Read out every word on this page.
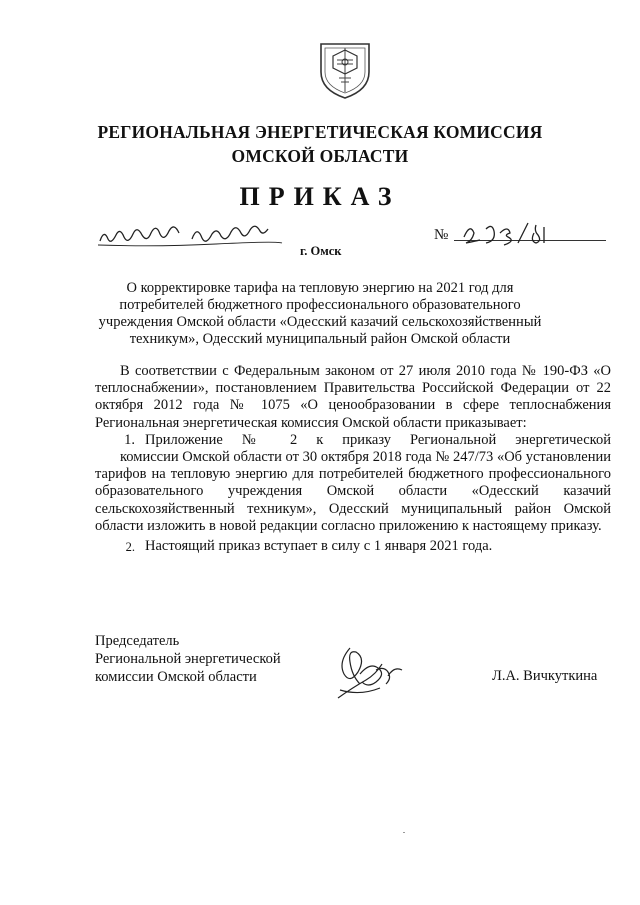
РЕГИОНАЛЬНАЯ ЭНЕРГЕТИЧЕСКАЯ КОМИССИЯ
ОМСКОЙ ОБЛАСТИ
ПРИКАЗ
№
г. Омск
О корректировке тарифа на тепловую энергию на 2021 год для
потребителей бюджетного профессионального образовательного
учреждения Омской области «Одесский казачий сельскохозяйственный
техникум», Одесский муниципальный район Омской области

В соответствии с Федеральным законом от 27 июля 2010 года № 190-ФЗ «О теплоснабжении», постановлением Правительства Российской Федерации от 22 октября 2012 года № 1075 «О ценообразовании в сфере теплоснабжения Региональная энергетическая комиссия Омской области приказывает:

1. Приложение № 2 к приказу Региональной энергетической

комиссии Омской области от 30 октября 2018 года № 247/73 «Об установлении тарифов на тепловую энергию для потребителей бюджетного профессионального образовательного учреждения Омской области «Одесский казачий сельскохозяйственный техникум», Одесский муниципальный район Омской области изложить в новой редакции согласно приложению к настоящему приказу.

2. Настоящий приказ вступает в силу с 1 января 2021 года.
Председатель
Региональной энергетической
комиссии Омской области	Л.А. Вичкуткина
